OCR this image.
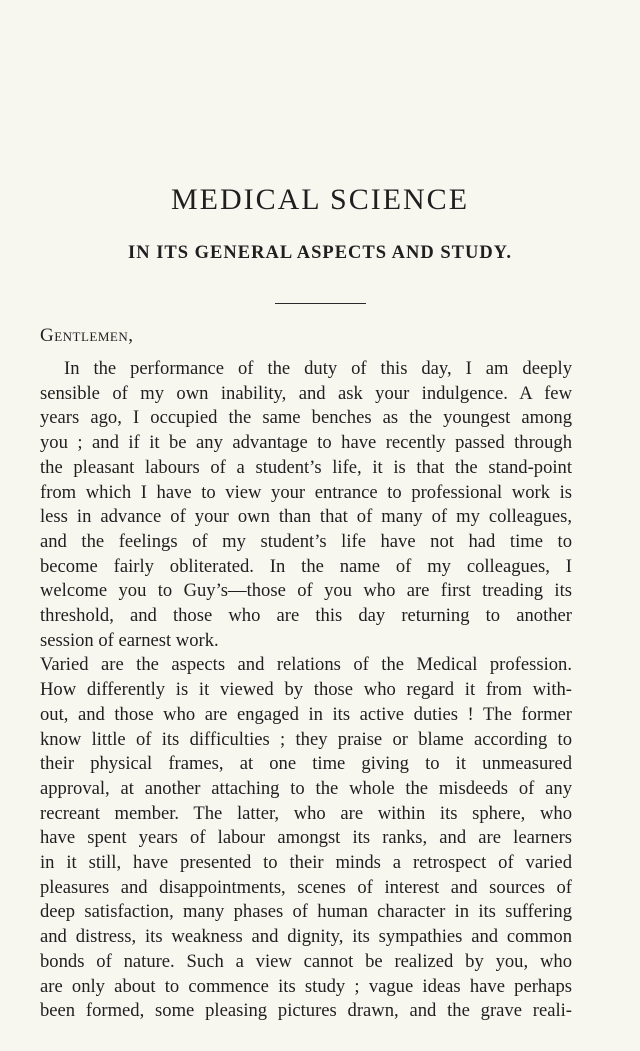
MEDICAL SCIENCE
IN ITS GENERAL ASPECTS AND STUDY.

Gentlemen,

In the performance of the duty of this day, I am deeply
sensible of my own inability, and ask your indulgence. A few
years ago, I occupied the same benches as the youngest among
you ; and if it be any advantage to have recently passed through
the pleasant labours of a student’s life, it is that the stand-point
from which I have to view your entrance to professional work is
less in advance of your own than that of many of my colleagues,
and the feelings of my student’s life have not had time to
become fairly obliterated. In the name of my colleagues, I
welcome you to Guy’s—those of you who are first treading its
threshold, and those who are this day returning to another
session of earnest work.
Varied are the aspects and relations of the Medical profession.
How differently is it viewed by those who regard it from with-
out, and those who are engaged in its active duties ! The former
know little of its difficulties ; they praise or blame according to
their physical frames, at one time giving to it unmeasured
approval, at another attaching to the whole the misdeeds of any
recreant member. The latter, who are within its sphere, who
have spent years of labour amongst its ranks, and are learners
in it still, have presented to their minds a retrospect of varied
pleasures and disappointments, scenes of interest and sources of
deep satisfaction, many phases of human character in its suffering
and distress, its weakness and dignity, its sympathies and common
bonds of nature. Such a view cannot be realized by you, who
are only about to commence its study ; vague ideas have perhaps
been formed, some pleasing pictures drawn, and the grave reali-
